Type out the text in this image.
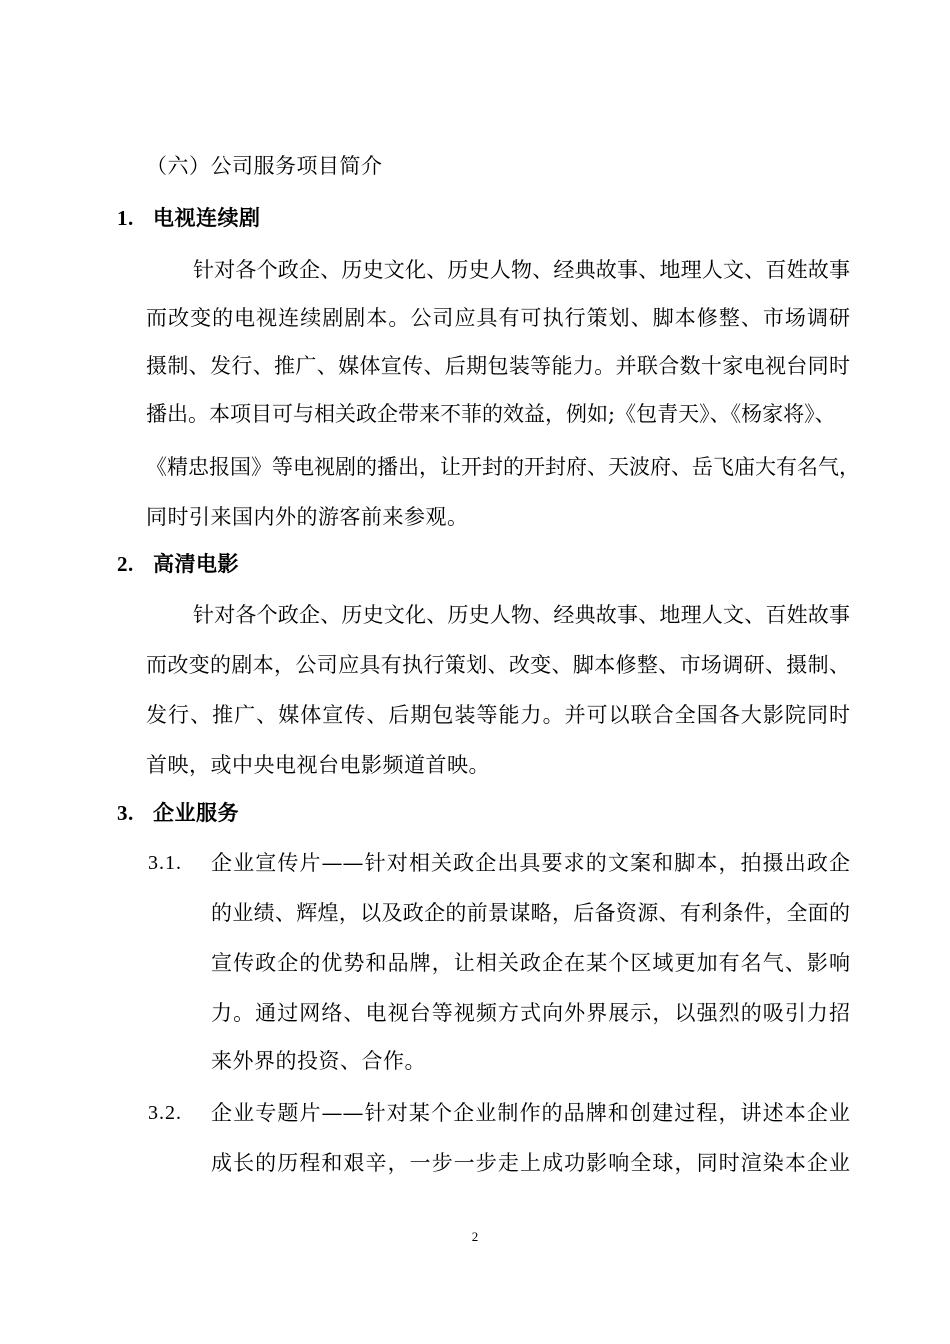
（六）公司服务项目简介
1. 电视连续剧
针对各个政企、历史文化、历史人物、经典故事、地理人文、百姓故事
而改变的电视连续剧剧本。公司应具有可执行策划、脚本修整、市场调研
摄制、发行、推广、媒体宣传、后期包装等能力。并联合数十家电视台同时
播出。本项目可与相关政企带来不菲的效益，例如;《包青天》、《杨家将》、
《精忠报国》等电视剧的播出，让开封的开封府、天波府、岳飞庙大有名气，
同时引来国内外的游客前来参观。
2. 高清电影
针对各个政企、历史文化、历史人物、经典故事、地理人文、百姓故事
而改变的剧本，公司应具有执行策划、改变、脚本修整、市场调研、摄制、
发行、推广、媒体宣传、后期包装等能力。并可以联合全国各大影院同时
首映，或中央电视台电影频道首映。
3. 企业服务
3.1. 企业宣传片——针对相关政企出具要求的文案和脚本，拍摄出政企
的业绩、辉煌，以及政企的前景谋略，后备资源、有利条件，全面的
宣传政企的优势和品牌，让相关政企在某个区域更加有名气、影响
力。通过网络、电视台等视频方式向外界展示，以强烈的吸引力招
来外界的投资、合作。
3.2. 企业专题片——针对某个企业制作的品牌和创建过程，讲述本企业
成长的历程和艰辛，一步一步走上成功影响全球，同时渲染本企业
2
